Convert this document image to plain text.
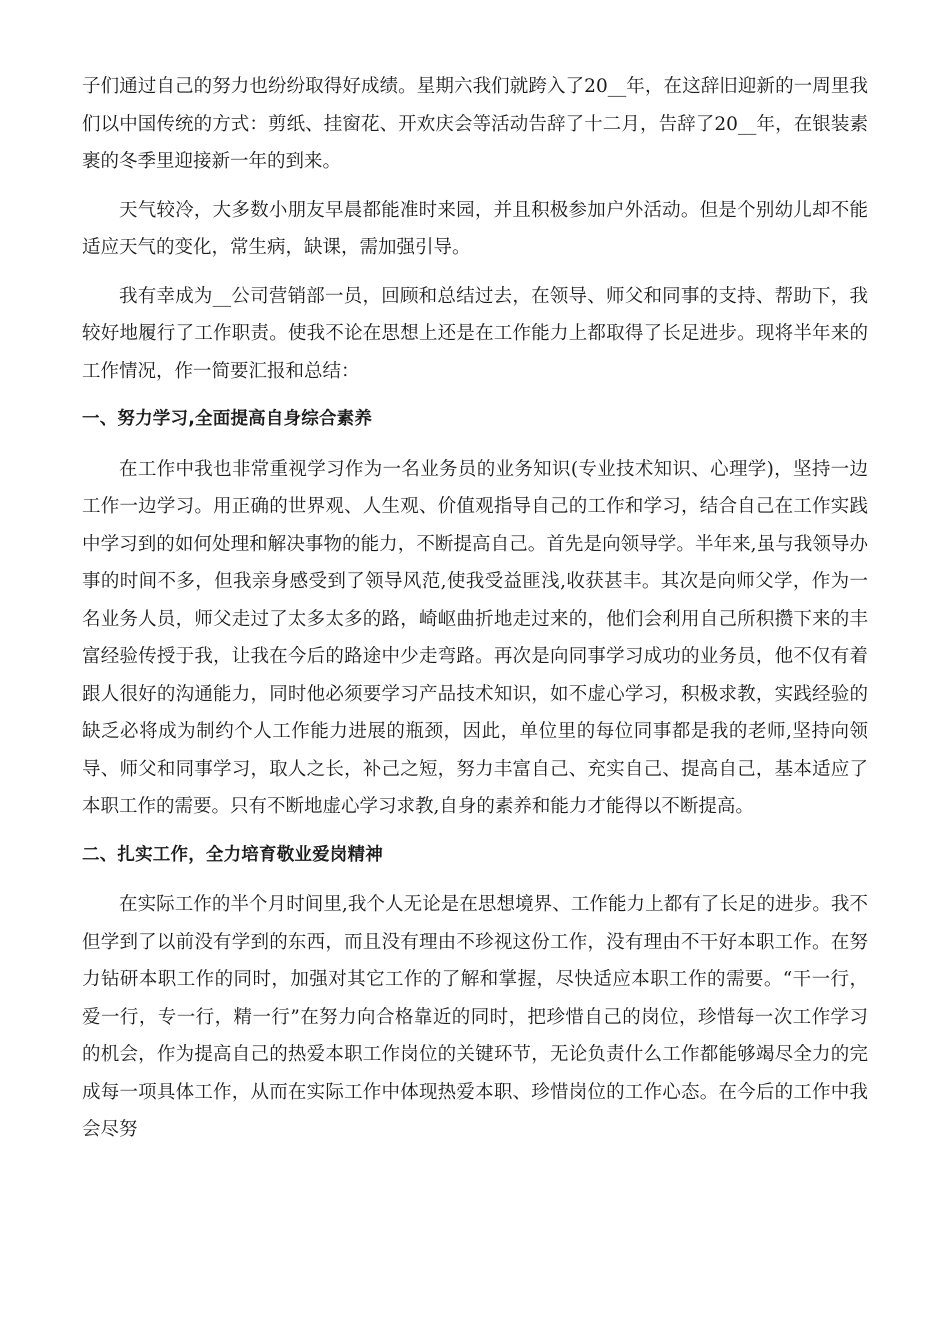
子们通过自己的努力也纷纷取得好成绩。星期六我们就跨入了20__年，在这辞旧迎新的一周里我们以中国传统的方式：剪纸、挂窗花、开欢庆会等活动告辞了十二月，告辞了20__年，在银装素裹的冬季里迎接新一年的到来。

天气较冷，大多数小朋友早晨都能准时来园，并且积极参加户外活动。但是个别幼儿却不能适应天气的变化，常生病，缺课，需加强引导。

我有幸成为__公司营销部一员，回顾和总结过去，在领导、师父和同事的支持、帮助下，我较好地履行了工作职责。使我不论在思想上还是在工作能力上都取得了长足进步。现将半年来的工作情况，作一简要汇报和总结：

一、努力学习,全面提高自身综合素养

在工作中我也非常重视学习作为一名业务员的业务知识(专业技术知识、心理学)，坚持一边工作一边学习。用正确的世界观、人生观、价值观指导自己的工作和学习，结合自己在工作实践中学习到的如何处理和解决事物的能力，不断提高自己。首先是向领导学。半年来,虽与我领导办事的时间不多，但我亲身感受到了领导风范,使我受益匪浅,收获甚丰。其次是向师父学，作为一名业务人员，师父走过了太多太多的路，崎岖曲折地走过来的，他们会利用自己所积攒下来的丰富经验传授于我，让我在今后的路途中少走弯路。再次是向同事学习成功的业务员，他不仅有着跟人很好的沟通能力，同时他必须要学习产品技术知识，如不虚心学习，积极求教，实践经验的缺乏必将成为制约个人工作能力进展的瓶颈，因此，单位里的每位同事都是我的老师,坚持向领导、师父和同事学习，取人之长，补己之短，努力丰富自己、充实自己、提高自己，基本适应了本职工作的需要。只有不断地虚心学习求教,自身的素养和能力才能得以不断提高。

二、扎实工作，全力培育敬业爱岗精神

在实际工作的半个月时间里,我个人无论是在思想境界、工作能力上都有了长足的进步。我不但学到了以前没有学到的东西，而且没有理由不珍视这份工作，没有理由不干好本职工作。在努力钻研本职工作的同时，加强对其它工作的了解和掌握，尽快适应本职工作的需要。“干一行，爱一行，专一行，精一行”在努力向合格靠近的同时，把珍惜自己的岗位，珍惜每一次工作学习的机会，作为提高自己的热爱本职工作岗位的关键环节，无论负责什么工作都能够竭尽全力的完成每一项具体工作，从而在实际工作中体现热爱本职、珍惜岗位的工作心态。在今后的工作中我会尽努
